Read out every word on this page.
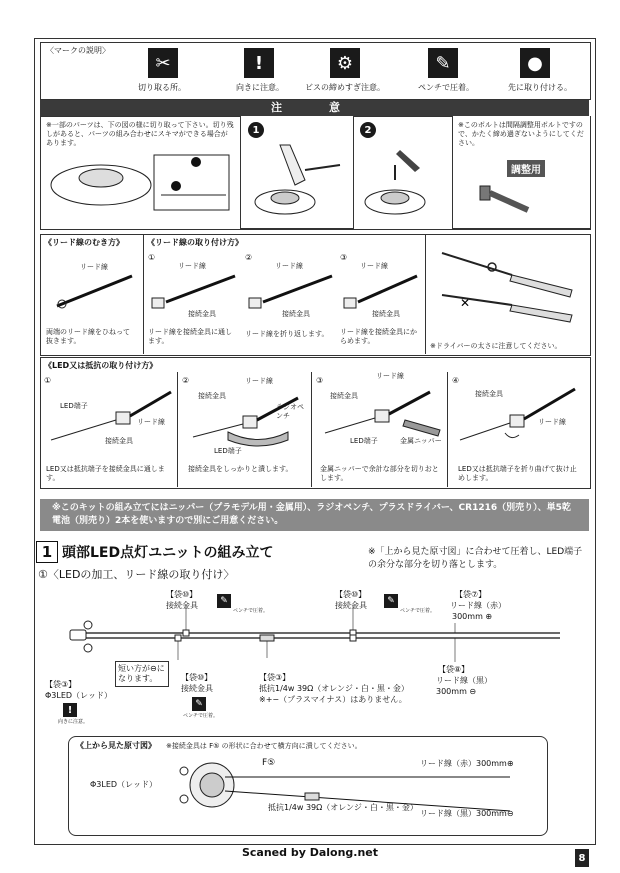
〈マークの説明〉
✂
切り取る所。
!
向きに注意。
⚙
ビスの締めすぎ注意。
✎
ペンチで圧着。
●
先に取り付ける。
注　意
※一部のパーツは、下の図の様に切り取って下さい。切り残しがあると、パーツの組み合わせにスキマができる場合があります。
1	2	※このボルトは間隔調整用ボルトですので、かたく締め過ぎないようにしてください。
調整用
《リード線のむき方》
リード線
両端のリード線をひねって抜きます。
《リード線の取り付け方》
①
リード線
接続金具
リード線を接続金具に通します。
②
リード線
接続金具
リード線を折り返します。
③
リード線
接続金具
リード線を接続金具にからめます。
✕
※ドライバーの太さに注意してください。
《LED又は抵抗の取り付け方》
①
LED端子
リード線
接続金具
LED又は抵抗端子を接続金具に通します。
②	リード線
接続金具
LED端子
ラジオペンチ
接続金具をしっかりと潰します。
③	リード線
接続金具
LED端子	金属ニッパー
金属ニッパーで余計な部分を切りおとします。
④
接続金具
リード線
LED又は抵抗端子を折り曲げて抜け止めします。
※このキットの組み立てにはニッパー（プラモデル用・金属用）、ラジオペンチ、プラスドライバー、CR1216（別売り）、単5乾電池（別売り）2本を使いますので別にご用意ください。
1 頭部LED点灯ユニットの組み立て
①〈LEDの加工、リード線の取り付け〉
※「上から見た原寸図」に合わせて圧着し、LED端子の余分な部分を切り落とします。
【袋⑩】
接続金具	✎
ペンチで圧着。
【袋⑩】
接続金具	✎
ペンチで圧着。
【袋⑦】
リード線（赤）
300mm ⊕
短い方が⊖になります。
【袋③】
Φ3LED（レッド）
!
向きに注意。
【袋⑩】
接続金具
✎
ペンチで圧着。
【袋③】
抵抗1/4w 39Ω（オレンジ・白・黒・金）
※+−（プラスマイナス）はありません。
【袋⑧】
リード線（黒）
300mm ⊖
《上から見た原寸図》 ※接続金具は F⑤ の形状に合わせて横方向に潰してください。
F⑤
Φ3LED（レッド）
リード線（赤）300mm⊕
抵抗1/4w 39Ω（オレンジ・白・黒・金）
リード線（黒）300mm⊖
Scaned by Dalong.net	8
